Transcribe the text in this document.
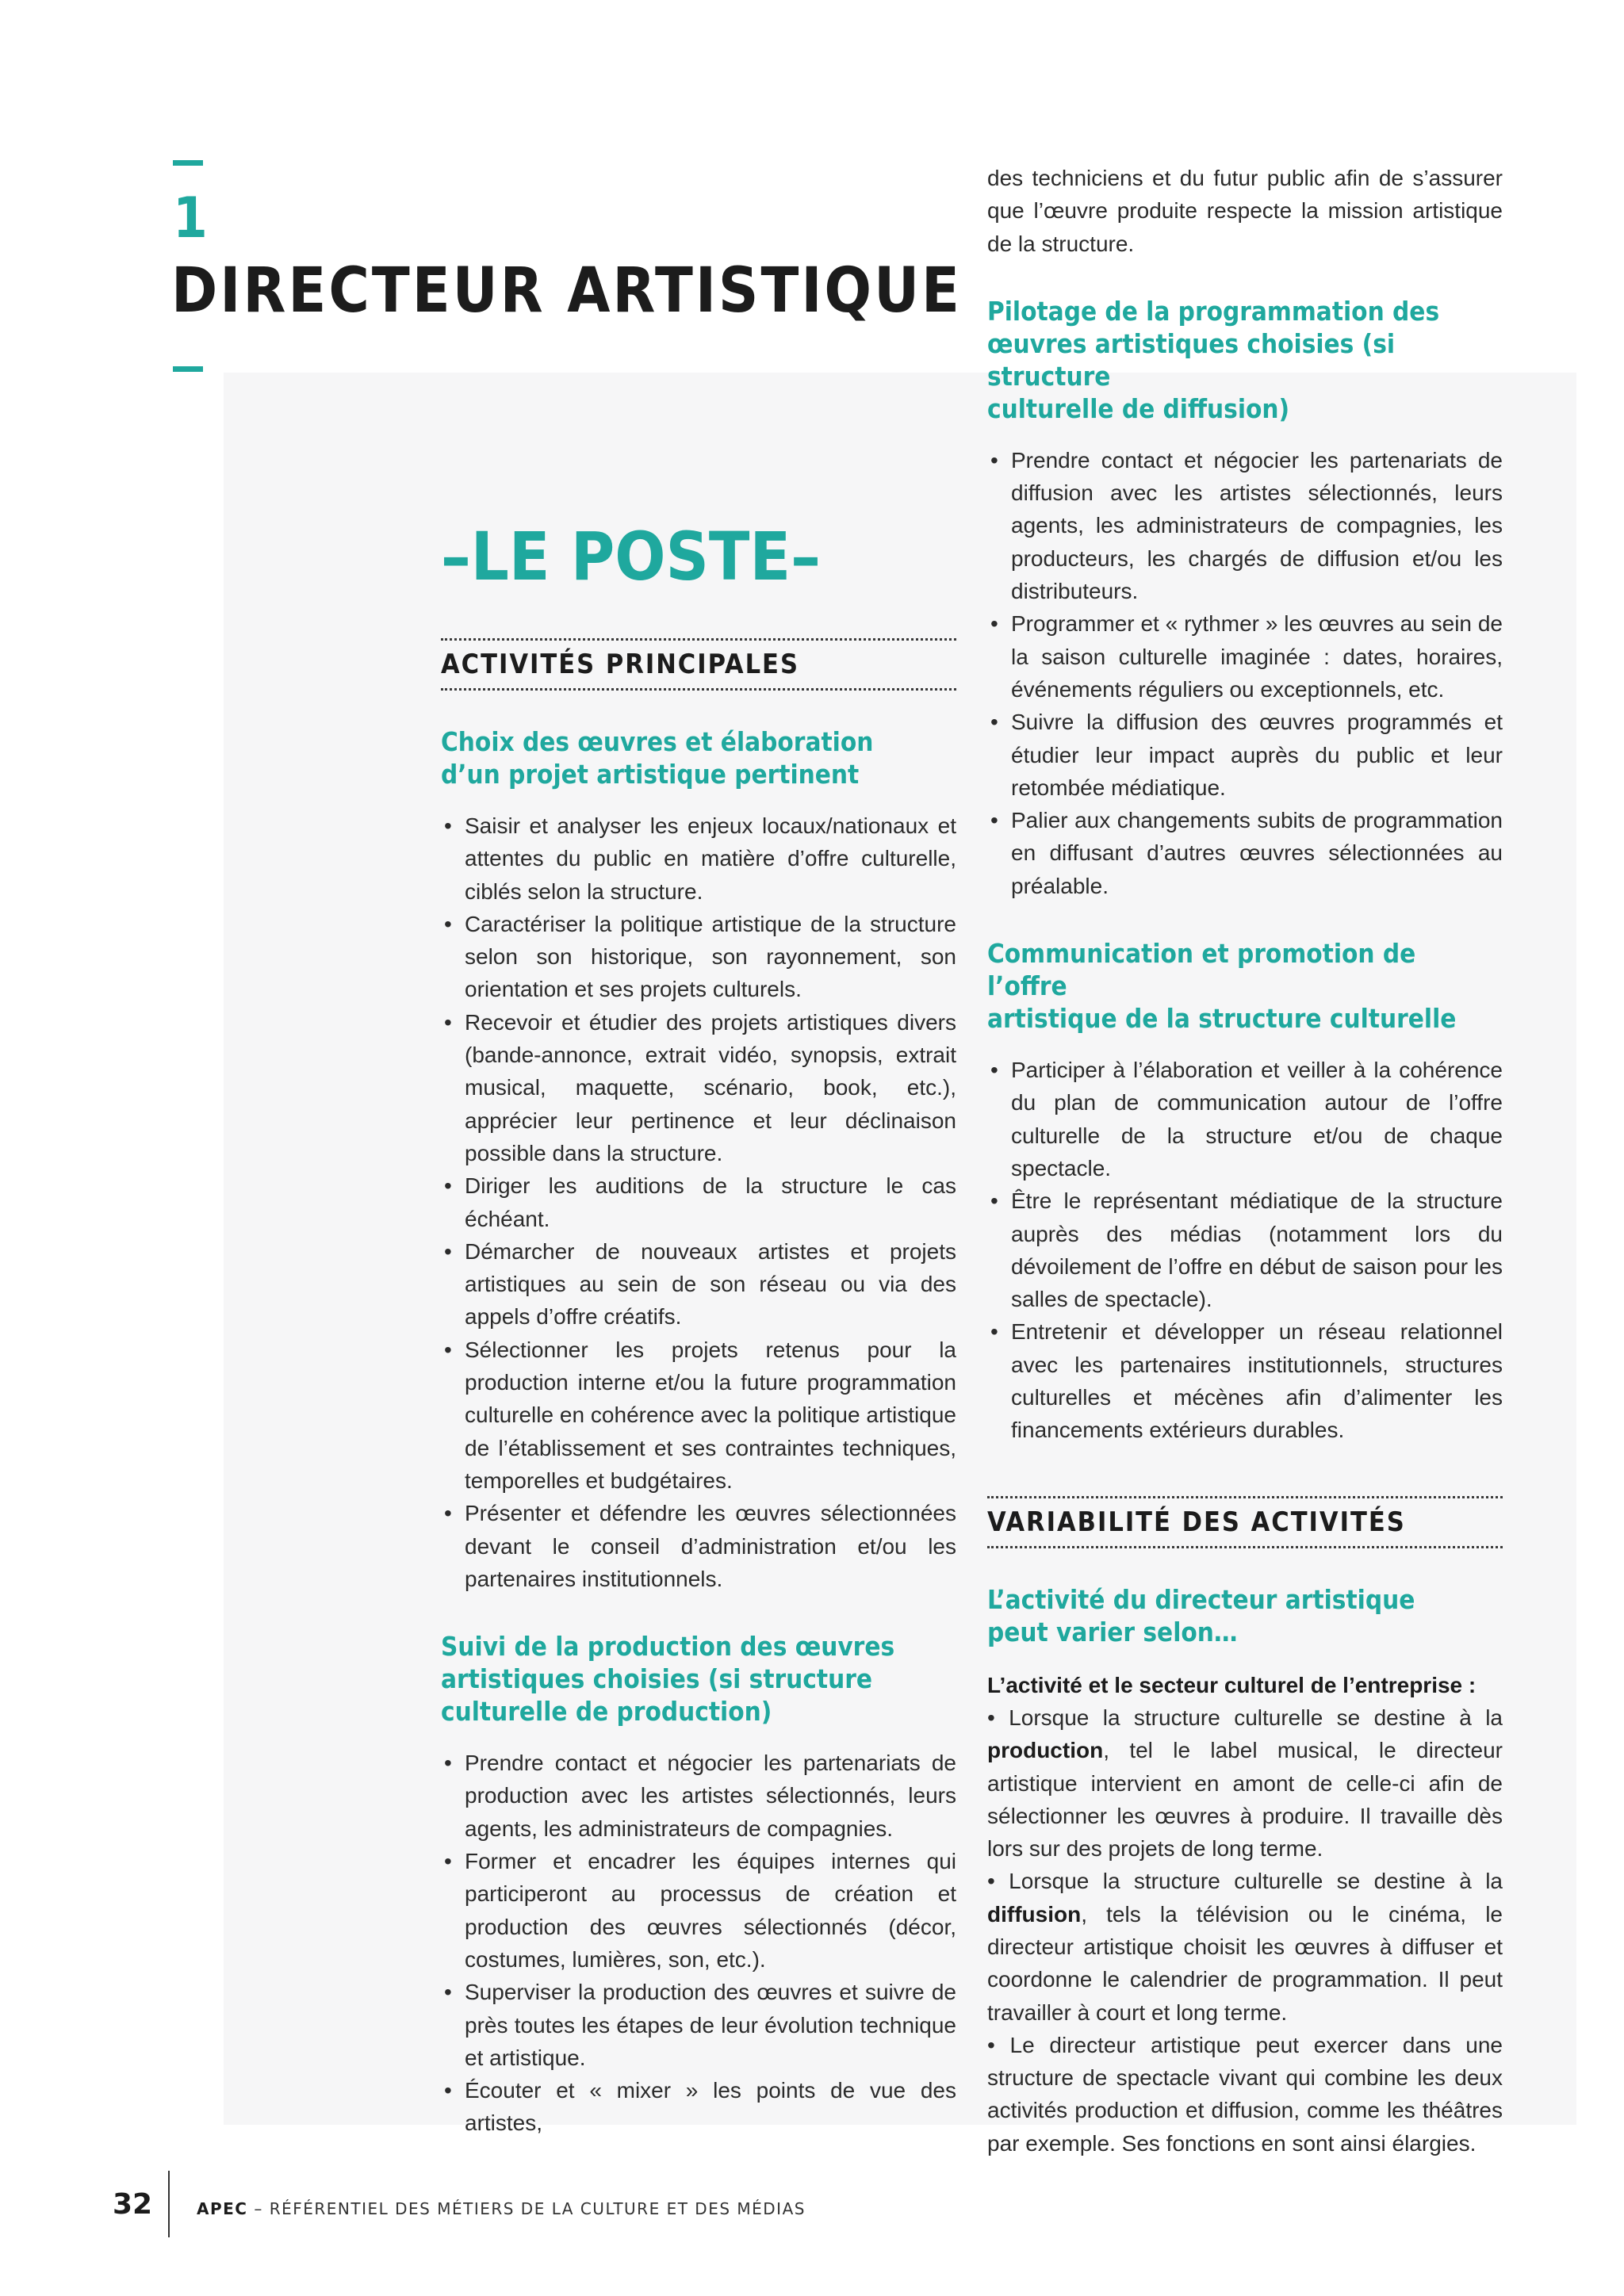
1
DIRECTEUR ARTISTIQUE
–LE POSTE–
ACTIVITÉS PRINCIPALES
Choix des œuvres et élaboration
d’un projet artistique pertinent
• Saisir et analyser les enjeux locaux/nationaux et attentes du public en matière d’offre culturelle, ciblés selon la structure.
• Caractériser la politique artistique de la structure selon son historique, son rayonnement, son orientation et ses projets culturels.
• Recevoir et étudier des projets artistiques divers (bande-annonce, extrait vidéo, synopsis, extrait musical, maquette, scénario, book, etc.), apprécier leur pertinence et leur déclinaison possible dans la structure.
• Diriger les auditions de la structure le cas échéant.
• Démarcher de nouveaux artistes et projets artistiques au sein de son réseau ou via des appels d’offre créatifs.
• Sélectionner les projets retenus pour la production interne et/ou la future programmation culturelle en cohérence avec la politique artistique de l’établissement et ses contraintes techniques, temporelles et budgétaires.
• Présenter et défendre les œuvres sélectionnées devant le conseil d’administration et/ou les partenaires institutionnels.
Suivi de la production des œuvres
artistiques choisies (si structure
culturelle de production)
• Prendre contact et négocier les partenariats de production avec les artistes sélectionnés, leurs agents, les administrateurs de compagnies.
• Former et encadrer les équipes internes qui participeront au processus de création et production des œuvres sélectionnés (décor, costumes, lumières, son, etc.).
• Superviser la production des œuvres et suivre de près toutes les étapes de leur évolution technique et artistique.
• Écouter et « mixer » les points de vue des artistes,

des techniciens et du futur public afin de s’assurer que l’œuvre produite respecte la mission artistique de la structure.

Pilotage de la programmation des
œuvres artistiques choisies (si structure
culturelle de diffusion)
• Prendre contact et négocier les partenariats de diffusion avec les artistes sélectionnés, leurs agents, les administrateurs de compagnies, les producteurs, les chargés de diffusion et/ou les distributeurs.
• Programmer et « rythmer » les œuvres au sein de la saison culturelle imaginée : dates, horaires, événements réguliers ou exceptionnels, etc.
• Suivre la diffusion des œuvres programmés et étudier leur impact auprès du public et leur retombée médiatique.
• Palier aux changements subits de programmation en diffusant d’autres œuvres sélectionnées au préalable.
Communication et promotion de l’offre
artistique de la structure culturelle
• Participer à l’élaboration et veiller à la cohérence du plan de communication autour de l’offre culturelle de la structure et/ou de chaque spectacle.
• Être le représentant médiatique de la structure auprès des médias (notamment lors du dévoilement de l’offre en début de saison pour les salles de spectacle).
• Entretenir et développer un réseau relationnel avec les partenaires institutionnels, structures culturelles et mécènes afin d’alimenter les financements extérieurs durables.
VARIABILITÉ DES ACTIVITÉS
L’activité du directeur artistique
peut varier selon…

L’activité et le secteur culturel de l’entreprise :

• Lorsque la structure culturelle se destine à la production, tel le label musical, le directeur artistique intervient en amont de celle-ci afin de sélectionner les œuvres à produire. Il travaille dès lors sur des projets de long terme.

• Lorsque la structure culturelle se destine à la diffusion, tels la télévision ou le cinéma, le directeur artistique choisit les œuvres à diffuser et coordonne le calendrier de programmation. Il peut travailler à court et long terme.

• Le directeur artistique peut exercer dans une structure de spectacle vivant qui combine les deux activités production et diffusion, comme les théâtres par exemple. Ses fonctions en sont ainsi élargies.

32	APEC – RÉFÉRENTIEL DES MÉTIERS DE LA CULTURE ET DES MÉDIAS
